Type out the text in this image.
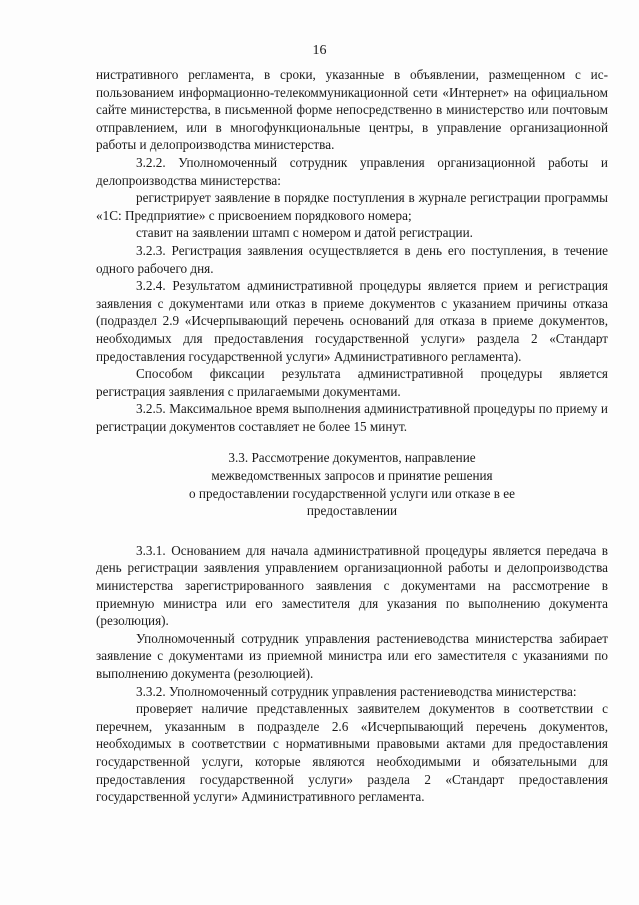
16

нистративного регламента, в сроки, указанные в объявлении, размещенном с использованием информационно-телекоммуникационной сети «Интернет» на официальном сайте министерства, в письменной форме непосредственно в министерство или почтовым отправлением, или в многофункциональные центры, в управление организационной работы и делопроизводства министерства.

3.2.2. Уполномоченный сотрудник управления организационной работы и делопроизводства министерства:

регистрирует заявление в порядке поступления в журнале регистрации программы «1С: Предприятие» с присвоением порядкового номера;

ставит на заявлении штамп с номером и датой регистрации.

3.2.3. Регистрация заявления осуществляется в день его поступления, в течение одного рабочего дня.

3.2.4. Результатом административной процедуры является прием и регистрация заявления с документами или отказ в приеме документов с указанием причины отказа (подраздел 2.9 «Исчерпывающий перечень оснований для отказа в приеме документов, необходимых для предоставления государственной услуги» раздела 2 «Стандарт предоставления государственной услуги» Административного регламента).

Способом фиксации результата административной процедуры является регистрация заявления с прилагаемыми документами.

3.2.5. Максимальное время выполнения административной процедуры по приему и регистрации документов составляет не более 15 минут.

3.3. Рассмотрение документов, направление
межведомственных запросов и принятие решения
о предоставлении государственной услуги или отказе в ее
предоставлении

3.3.1. Основанием для начала административной процедуры является передача в день регистрации заявления управлением организационной работы и делопроизводства министерства зарегистрированного заявления с документами на рассмотрение в приемную министра или его заместителя для указания по выполнению документа (резолюция).

Уполномоченный сотрудник управления растениеводства министерства забирает заявление с документами из приемной министра или его заместителя с указаниями по выполнению документа (резолюцией).

3.3.2. Уполномоченный сотрудник управления растениеводства министерства:

проверяет наличие представленных заявителем документов в соответствии с перечнем, указанным в подразделе 2.6 «Исчерпывающий перечень документов, необходимых в соответствии с нормативными правовыми актами для предоставления государственной услуги, которые являются необходимыми и обязательными для предоставления государственной услуги» раздела 2 «Стандарт предоставления государственной услуги» Административного регламента.
